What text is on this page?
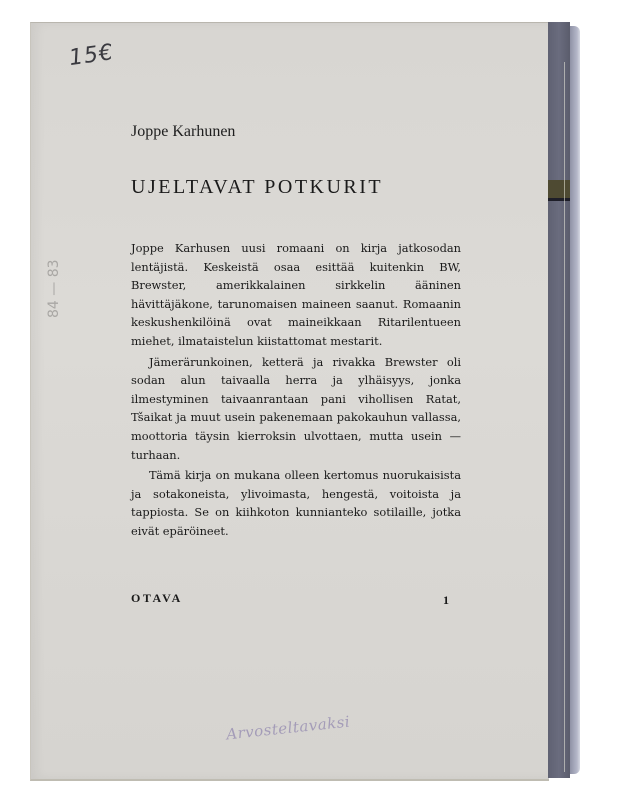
15€
84 — 83
Joppe Karhunen
UJELTAVAT POTKURIT

Joppe Karhusen uusi romaani on kirja jatkosodan lentäjistä. Keskeistä osaa esittää kuitenkin BW, Brewster, amerikkalainen sirkkelin ääninen hävittäjäkone, tarunomaisen maineen saanut. Romaanin keskushenkilöinä ovat maineikkaan Ritarilentueen miehet, ilmataistelun kiistattomat mestarit.

Jämerärunkoinen, ketterä ja rivakka Brewster oli sodan alun taivaalla herra ja ylhäisyys, jonka ilmestyminen taivaanrantaan pani vihollisen Ratat, Tšaikat ja muut usein pakenemaan pakokauhun vallassa, moottoria täysin kierroksin ulvottaen, mutta usein — turhaan.

Tämä kirja on mukana olleen kertomus nuorukaisista ja sotakoneista, ylivoimasta, hengestä, voitoista ja tappiosta. Se on kiihkoton kunnianteko sotilaille, jotka eivät epäröineet.

OTAVA	1
Arvosteltavaksi
